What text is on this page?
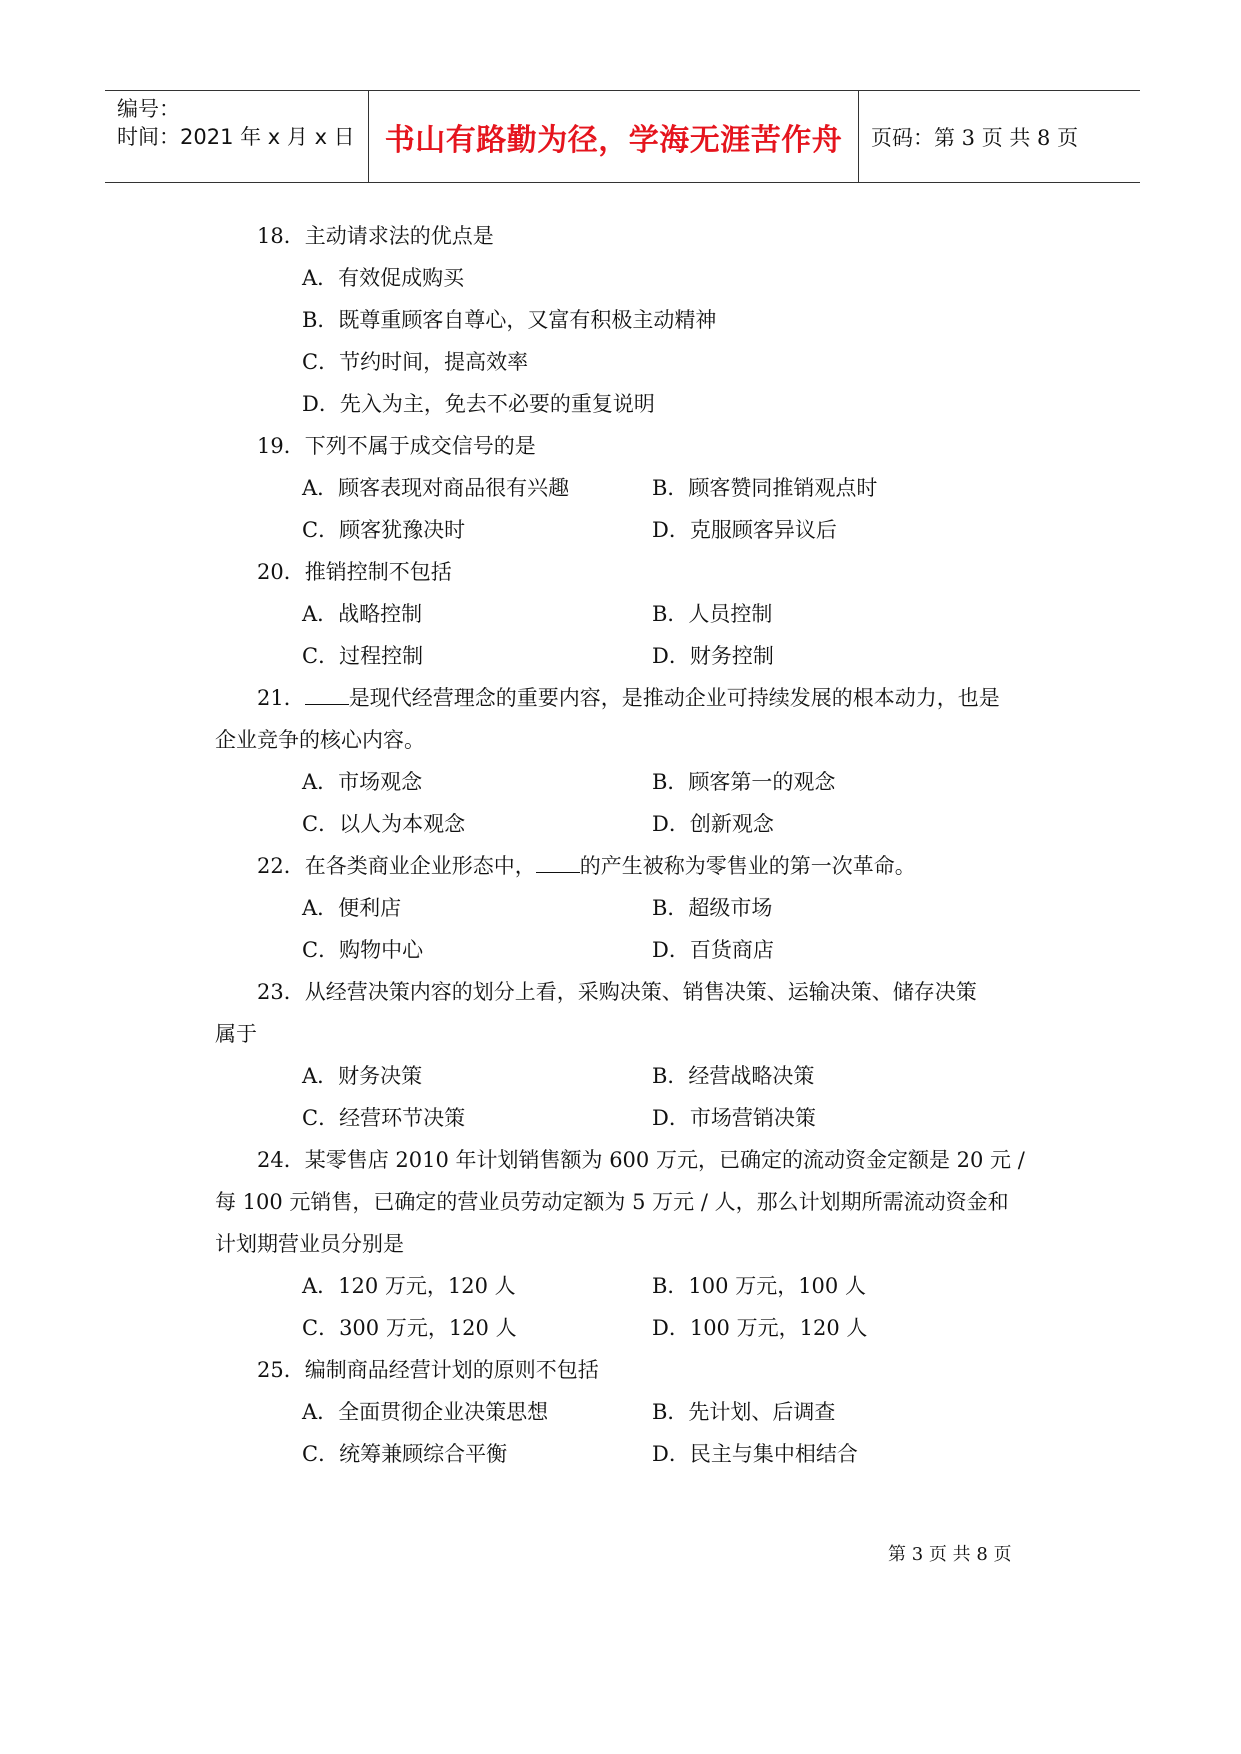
编号：
时间：2021 年 x 月 x 日 书山有路勤为径，学海无涯苦作舟 页码：第 3 页 共 8 页
18．主动请求法的优点是
A．有效促成购买
B．既尊重顾客自尊心，又富有积极主动精神
C．节约时间，提高效率
D．先入为主，免去不必要的重复说明
19．下列不属于成交信号的是
A．顾客表现对商品很有兴趣	B．顾客赞同推销观点时
C．顾客犹豫决时	D．克服顾客异议后
20．推销控制不包括
A．战略控制	B．人员控制
C．过程控制	D．财务控制
21． 是现代经营理念的重要内容，是推动企业可持续发展的根本动力，也是
企业竞争的核心内容。
A．市场观念	B．顾客第一的观念
C．以人为本观念	D．创新观念
22．在各类商业企业形态中， 的产生被称为零售业的第一次革命。
A．便利店	B．超级市场
C．购物中心	D．百货商店
23．从经营决策内容的划分上看，采购决策、销售决策、运输决策、储存决策
属于
A．财务决策	B．经营战略决策
C．经营环节决策	D．市场营销决策
24．某零售店 2010 年计划销售额为 600 万元，已确定的流动资金定额是 20 元 /
每 100 元销售，已确定的营业员劳动定额为 5 万元 / 人，那么计划期所需流动资金和
计划期营业员分别是
A．120 万元，120 人	B．100 万元，100 人
C．300 万元，120 人	D．100 万元，120 人
25．编制商品经营计划的原则不包括
A．全面贯彻企业决策思想	B．先计划、后调查
C．统筹兼顾综合平衡	D．民主与集中相结合
第 3 页 共 8 页
